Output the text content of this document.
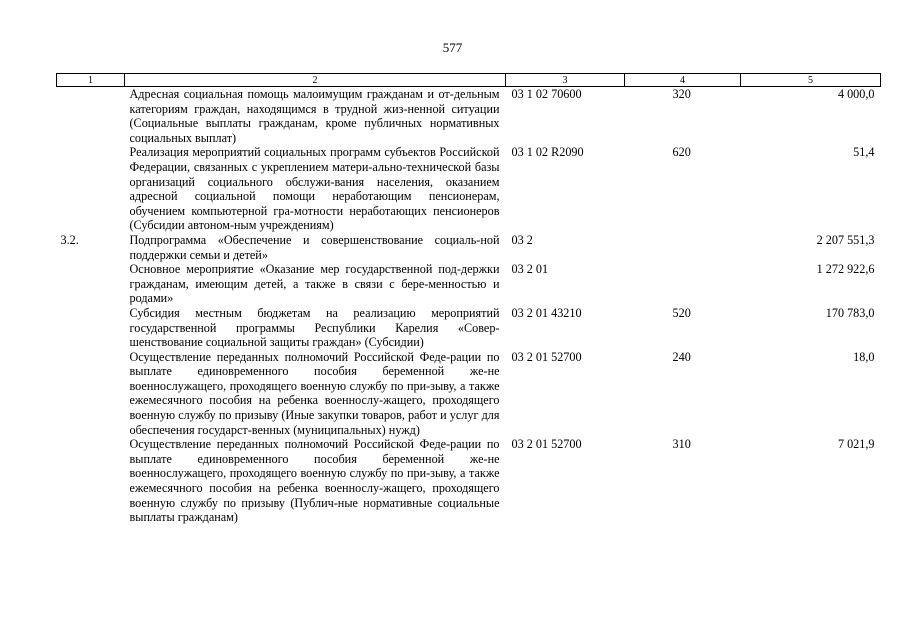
577
1	2	3	4	5
	Адресная социальная помощь малоимущим гражданам и от-дельным категориям граждан, находящимся в трудной жиз-ненной ситуации (Социальные выплаты гражданам, кроме публичных нормативных социальных выплат)	03 1 02 70600	320	4 000,0
	Реализация мероприятий социальных программ субъектов Российской Федерации, связанных с укреплением матери-ально-технической базы организаций социального обслужи-вания населения, оказанием адресной социальной помощи неработающим пенсионерам, обучением компьютерной гра-мотности неработающих пенсионеров (Субсидии автоном-ным учреждениям)	03 1 02 R2090	620	51,4
3.2.	Подпрограмма «Обеспечение и совершенствование социаль-ной поддержки семьи и детей»	03 2		2 207 551,3
	Основное мероприятие «Оказание мер государственной под-держки гражданам, имеющим детей, а также в связи с бере-менностью и родами»	03 2 01		1 272 922,6
	Субсидия местным бюджетам на реализацию мероприятий государственной программы Республики Карелия «Совер-шенствование социальной защиты граждан» (Субсидии)	03 2 01 43210	520	170 783,0
	Осуществление переданных полномочий Российской Феде-рации по выплате единовременного пособия беременной же-не военнослужащего, проходящего военную службу по при-зыву, а также ежемесячного пособия на ребенка военнослу-жащего, проходящего военную службу по призыву (Иные закупки товаров, работ и услуг для обеспечения государст-венных (муниципальных) нужд)	03 2 01 52700	240	18,0
	Осуществление переданных полномочий Российской Феде-рации по выплате единовременного пособия беременной же-не военнослужащего, проходящего военную службу по при-зыву, а также ежемесячного пособия на ребенка военнослу-жащего, проходящего военную службу по призыву (Публич-ные нормативные социальные выплаты гражданам)	03 2 01 52700	310	7 021,9
